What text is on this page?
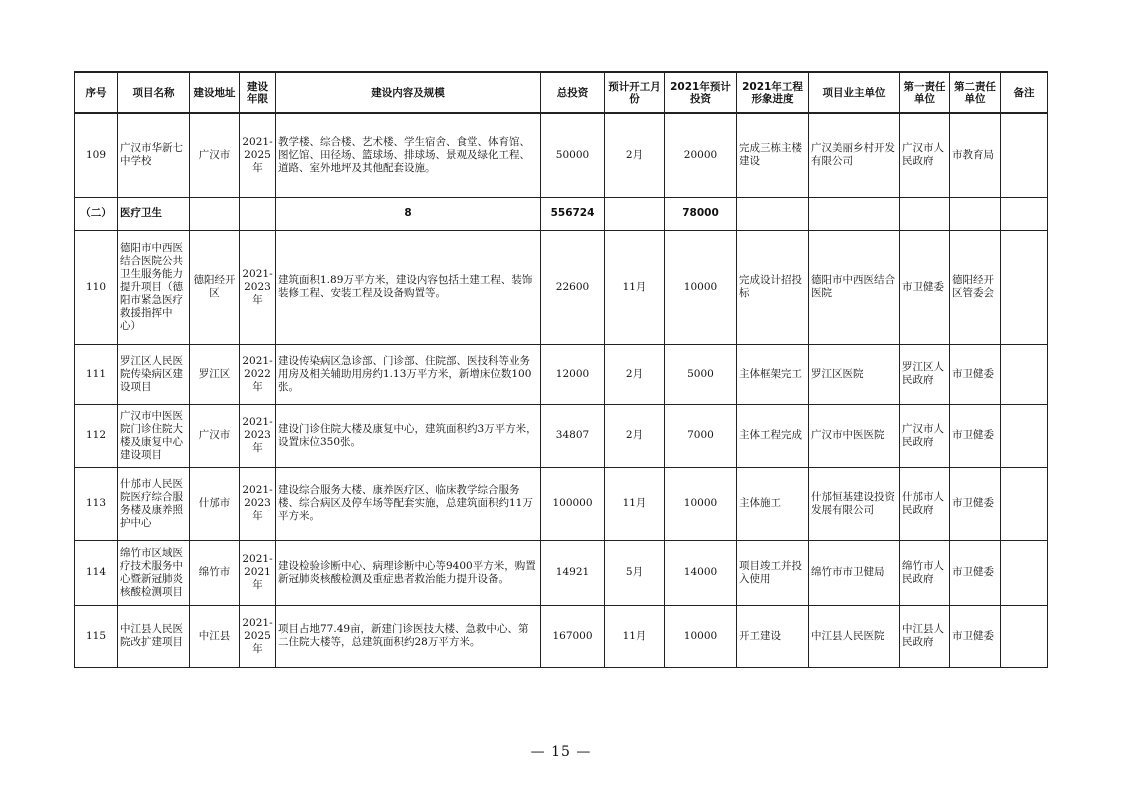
序号	项目名称	建设地址	建设年限	建设内容及规模	总投资	预计开工月份	2021年预计投资	2021年工程形象进度	项目业主单位	第一责任单位	第二责任单位	备注
109	广汉市华新七中学校	广汉市	2021-2025年	教学楼、综合楼、艺术楼、学生宿舍、食堂、体育馆、图忆馆、田径场、篮球场、排球场、景观及绿化工程、道路、室外地坪及其他配套设施。	50000	2月	20000	完成三栋主楼建设	广汉美丽乡村开发有限公司	广汉市人民政府	市教育局	
（二）	医疗卫生			8	556724		78000					
110	德阳市中西医结合医院公共卫生服务能力提升项目（德阳市紧急医疗救援指挥中心）	德阳经开区	2021-2023年	建筑面积1.89万平方米，建设内容包括土建工程、装饰装修工程、安装工程及设备购置等。	22600	11月	10000	完成设计招投标	德阳市中西医结合医院	市卫健委	德阳经开区管委会	
111	罗江区人民医院传染病区建设项目	罗江区	2021-2022年	建设传染病区急诊部、门诊部、住院部、医技科等业务用房及相关辅助用房约1.13万平方米，新增床位数100张。	12000	2月	5000	主体框架完工	罗江区医院	罗江区人民政府	市卫健委	
112	广汉市中医医院门诊住院大楼及康复中心建设项目	广汉市	2021-2023年	建设门诊住院大楼及康复中心，建筑面积约3万平方米，设置床位350张。	34807	2月	7000	主体工程完成	广汉市中医医院	广汉市人民政府	市卫健委	
113	什邡市人民医院医疗综合服务楼及康养照护中心	什邡市	2021-2023年	建设综合服务大楼、康养医疗区、临床教学综合服务楼、综合病区及停车场等配套实施，总建筑面积约11万平方米。	100000	11月	10000	主体施工	什邡恒基建设投资发展有限公司	什邡市人民政府	市卫健委	
114	绵竹市区域医疗技术服务中心暨新冠肺炎核酸检测项目	绵竹市	2021-2021年	建设检验诊断中心、病理诊断中心等9400平方米，购置新冠肺炎核酸检测及重症患者救治能力提升设备。	14921	5月	14000	项目竣工并投入使用	绵竹市市卫健局	绵竹市人民政府	市卫健委	
115	中江县人民医院改扩建项目	中江县	2021-2025年	项目占地77.49亩，新建门诊医技大楼、急救中心、第二住院大楼等，总建筑面积约28万平方米。	167000	11月	10000	开工建设	中江县人民医院	中江县人民政府	市卫健委	
— 15 —
